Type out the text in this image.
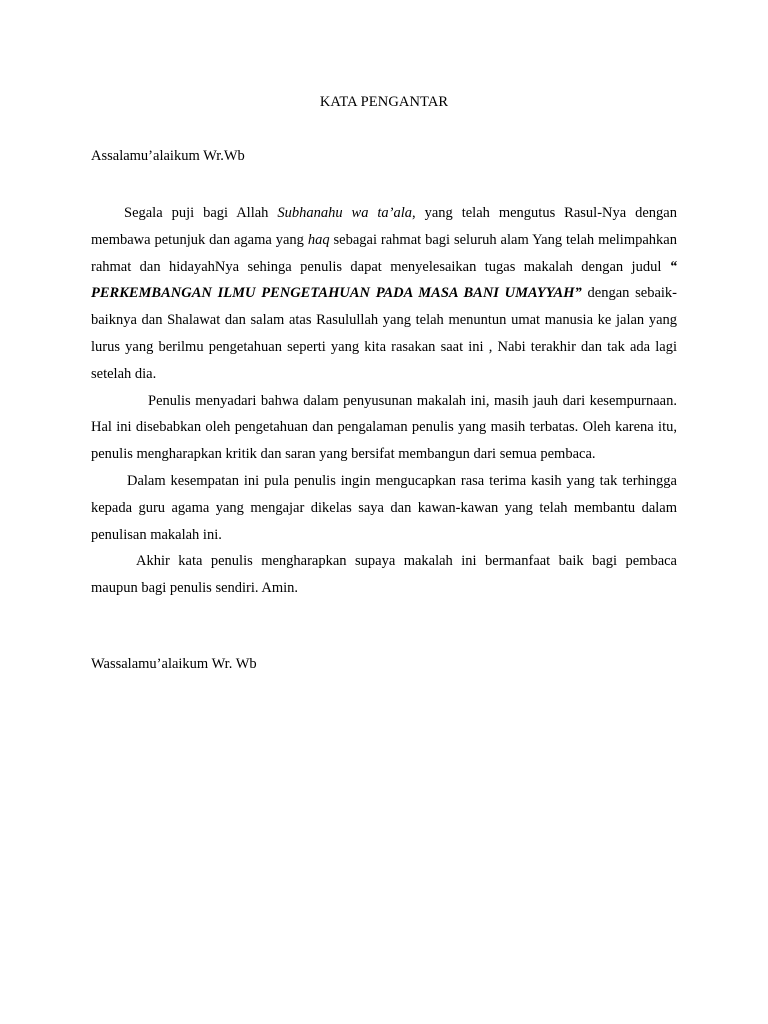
KATA PENGANTAR
Assalamu’alaikum Wr.Wb

Segala puji bagi Allah Subhanahu wa ta’ala, yang telah mengutus Rasul-Nya dengan membawa petunjuk dan agama yang haq sebagai rahmat bagi seluruh alam Yang telah melimpahkan rahmat dan hidayahNya sehinga penulis dapat menyelesaikan tugas makalah dengan judul “ PERKEMBANGAN ILMU PENGETAHUAN PADA MASA BANI UMAYYAH” dengan sebaik-baiknya dan Shalawat dan salam atas Rasulullah yang telah menuntun umat manusia ke jalan yang lurus yang berilmu pengetahuan seperti yang kita rasakan saat ini , Nabi terakhir dan tak ada lagi setelah dia.

Penulis menyadari bahwa dalam penyusunan makalah ini, masih jauh dari kesempurnaan. Hal ini disebabkan oleh pengetahuan dan pengalaman penulis yang masih terbatas. Oleh karena itu, penulis mengharapkan kritik dan saran yang bersifat membangun dari semua pembaca.

Dalam kesempatan ini pula penulis ingin mengucapkan rasa terima kasih yang tak terhingga kepada guru agama yang mengajar dikelas saya dan kawan-kawan yang telah membantu dalam penulisan makalah ini.

Akhir kata penulis mengharapkan supaya makalah ini bermanfaat baik bagi pembaca maupun bagi penulis sendiri. Amin.

Wassalamu’alaikum Wr. Wb
